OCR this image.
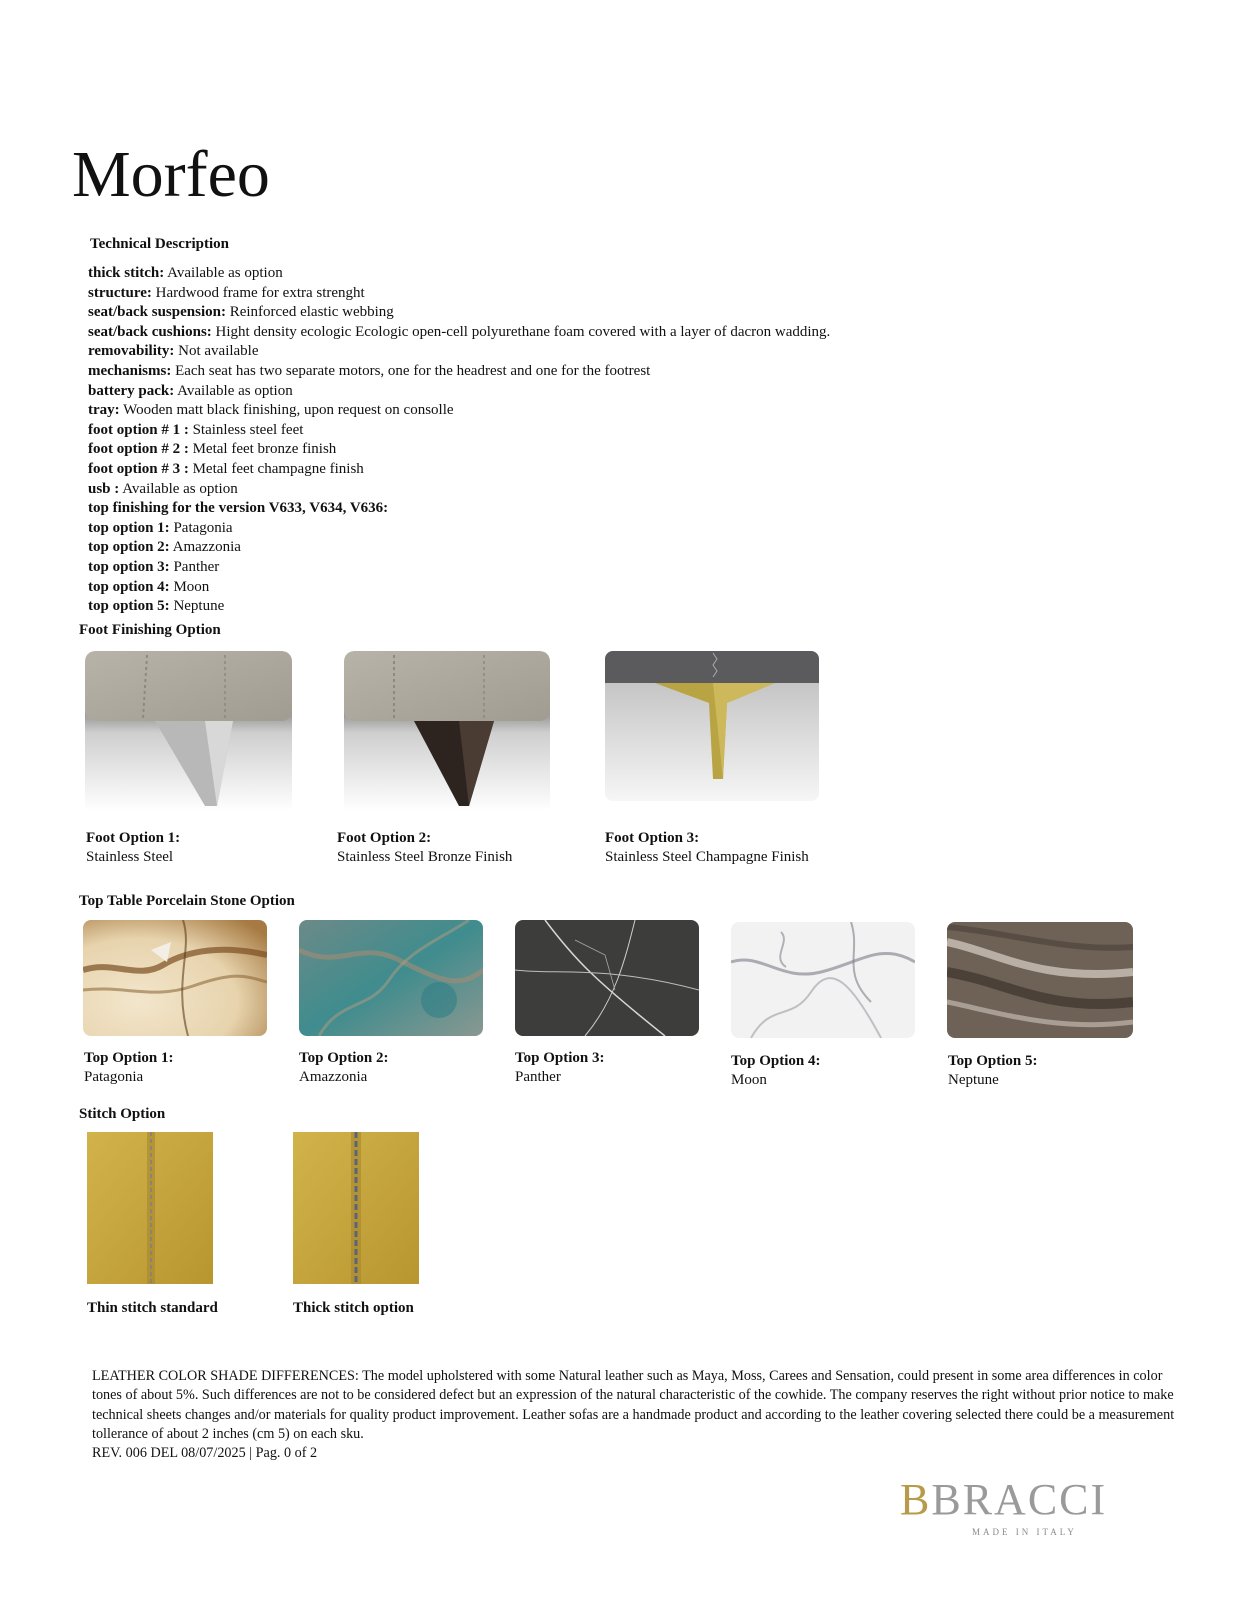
Morfeo
Technical Description
thick stitch: Available as option
structure: Hardwood frame for extra strenght
seat/back suspension: Reinforced elastic webbing
seat/back cushions: Hight density ecologic Ecologic open-cell polyurethane foam covered with a layer of dacron wadding.
removability: Not available
mechanisms: Each seat has two separate motors, one for the headrest and one for the footrest
battery pack: Available as option
tray: Wooden matt black finishing, upon request on consolle
foot option # 1 : Stainless steel feet
foot option # 2 : Metal feet bronze finish
foot option # 3 : Metal feet champagne finish
usb : Available as option
top finishing for the version V633, V634, V636:
top option 1: Patagonia
top option 2: Amazzonia
top option 3: Panther
top option 4: Moon
top option 5: Neptune
Foot Finishing Option
Foot Option 1:
Stainless Steel
Foot Option 2:
Stainless Steel Bronze Finish
Foot Option 3:
Stainless Steel Champagne Finish
Top Table Porcelain Stone Option
Top Option 1:
Patagonia
Top Option 2:
Amazzonia
Top Option 3:
Panther
Top Option 4:
Moon
Top Option 5:
Neptune
Stitch Option
Thin stitch standard	Thick stitch option
LEATHER COLOR SHADE DIFFERENCES: The model upholstered with some Natural leather such as Maya, Moss, Carees and Sensation, could present in some area differences in color tones of about 5%. Such differences are not to be considered defect but an expression of the natural characteristic of the cowhide. The company reserves the right without prior notice to make technical sheets changes and/or materials for quality product improvement. Leather sofas are a handmade product and according to the leather covering selected there could be a measurement tollerance of about 2 inches (cm 5) on each sku.
REV. 006 DEL 08/07/2025 | Pag. 0 of 2
BBRACCI
MADE IN ITALY
